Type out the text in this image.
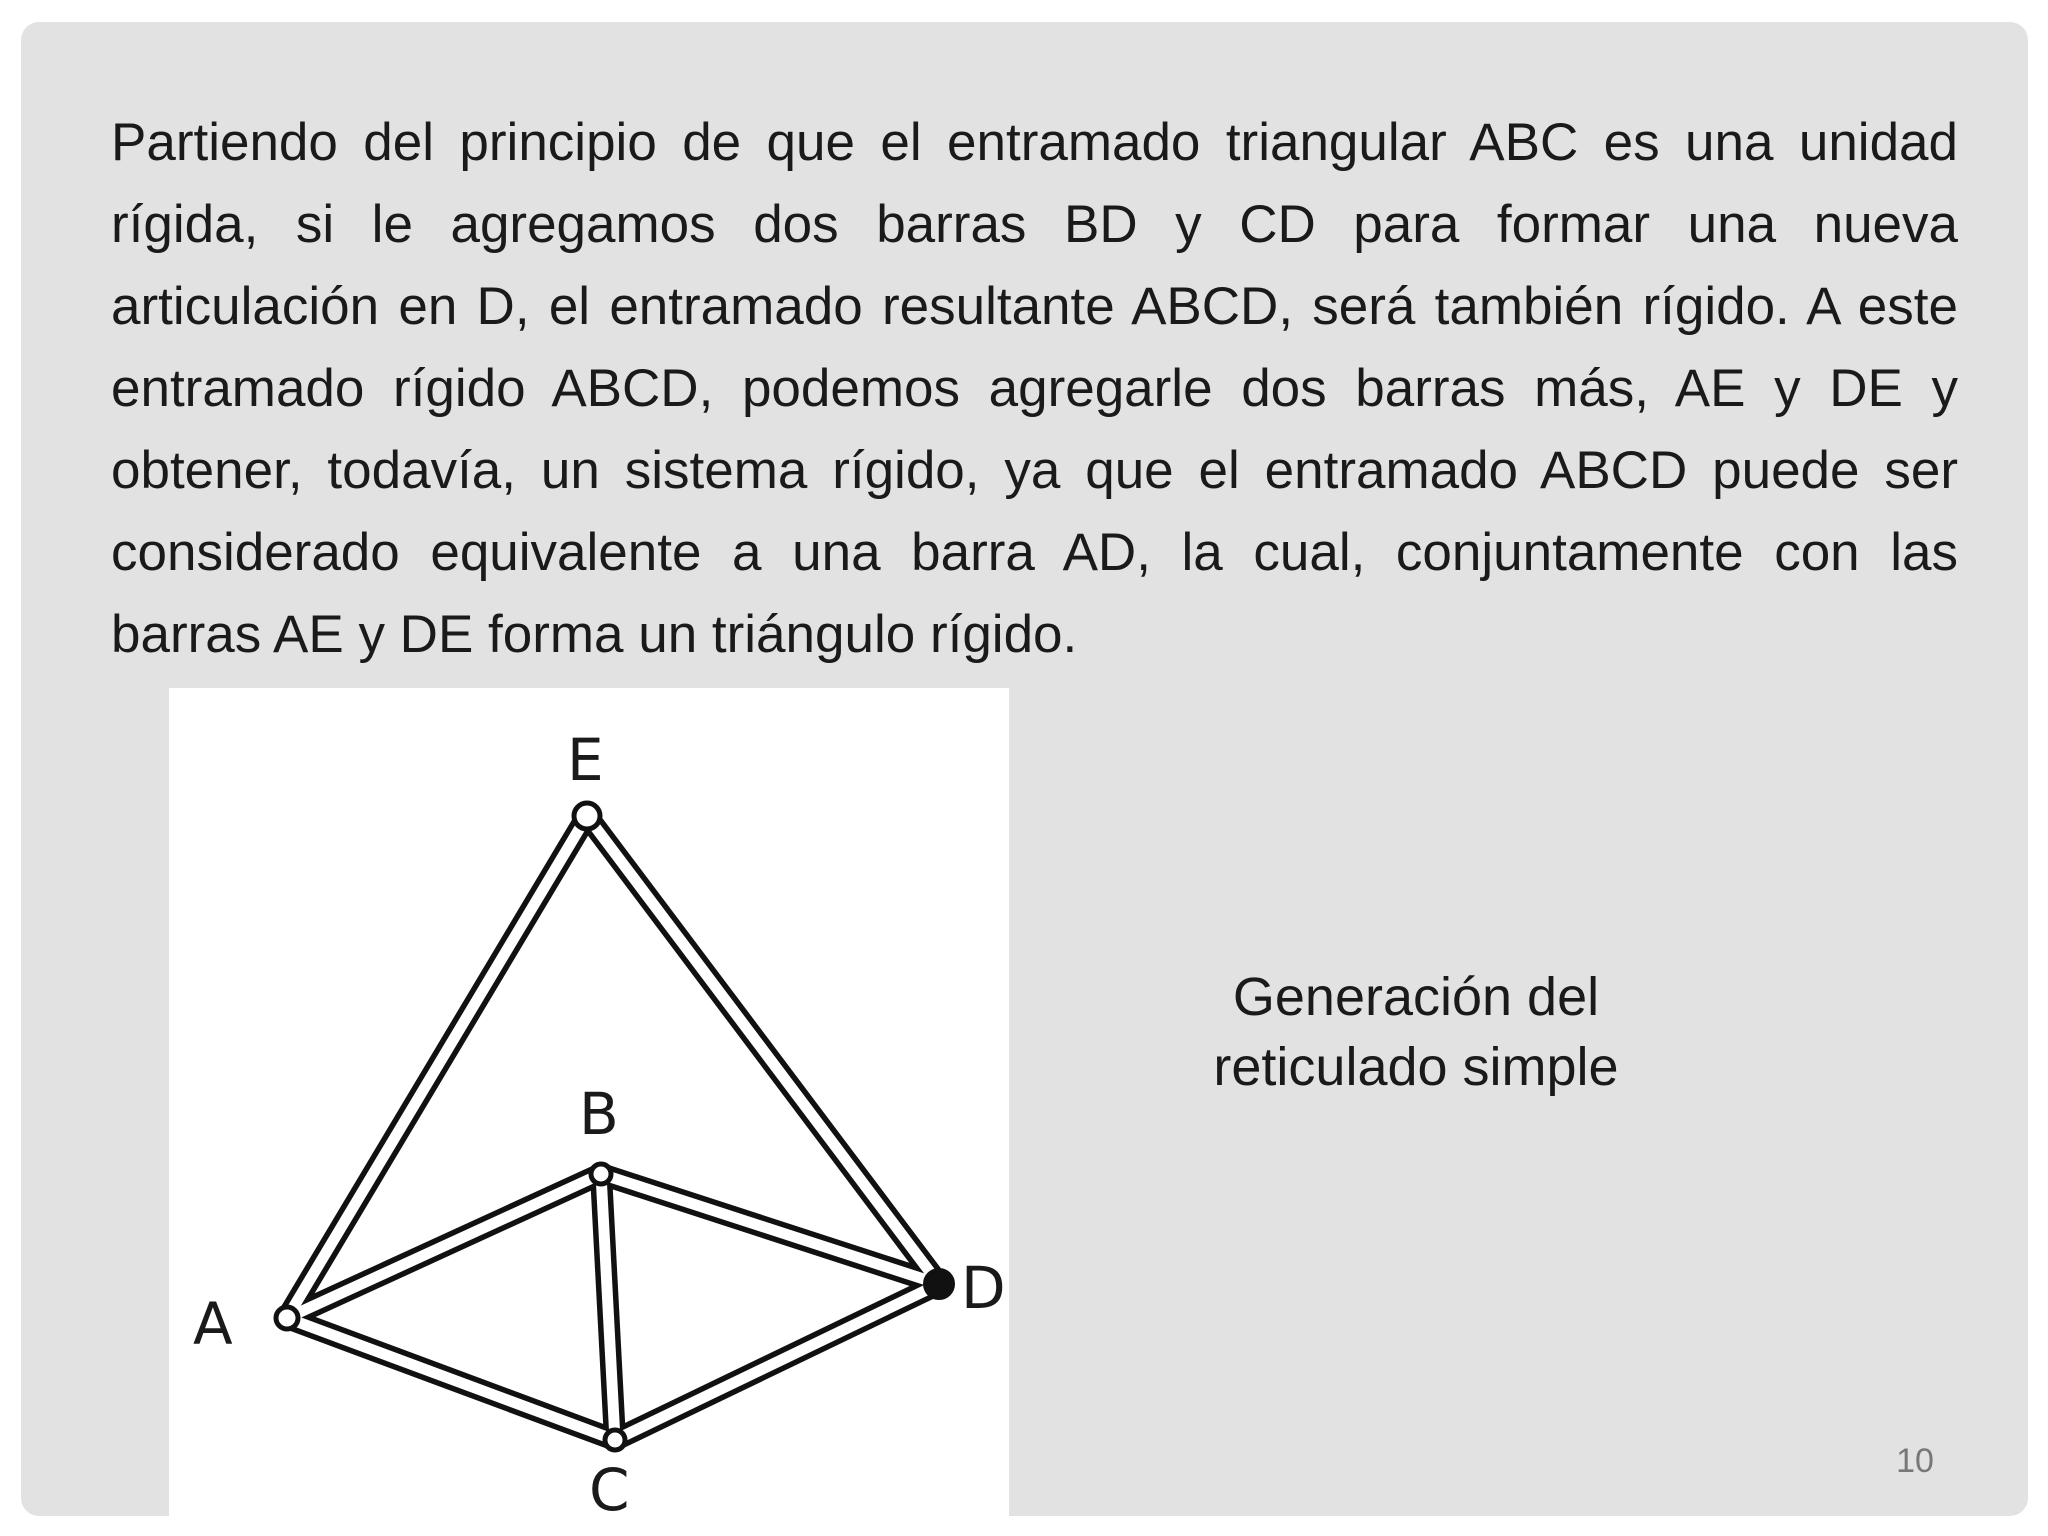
Partiendo del principio de que el entramado triangular ABC es una unidad rígida, si le agregamos dos barras BD y CD para formar una nueva articulación en D, el entramado resultante ABCD, será también rígido. A este entramado rígido ABCD, podemos agregarle dos barras más, AE y DE y obtener, todavía, un sistema rígido, ya que el entramado ABCD puede ser considerado equivalente a una barra AD, la cual, conjuntamente con las barras AE y DE forma un triángulo rígido.

A
B
C
D
E

Generación del
reticulado simple

10
